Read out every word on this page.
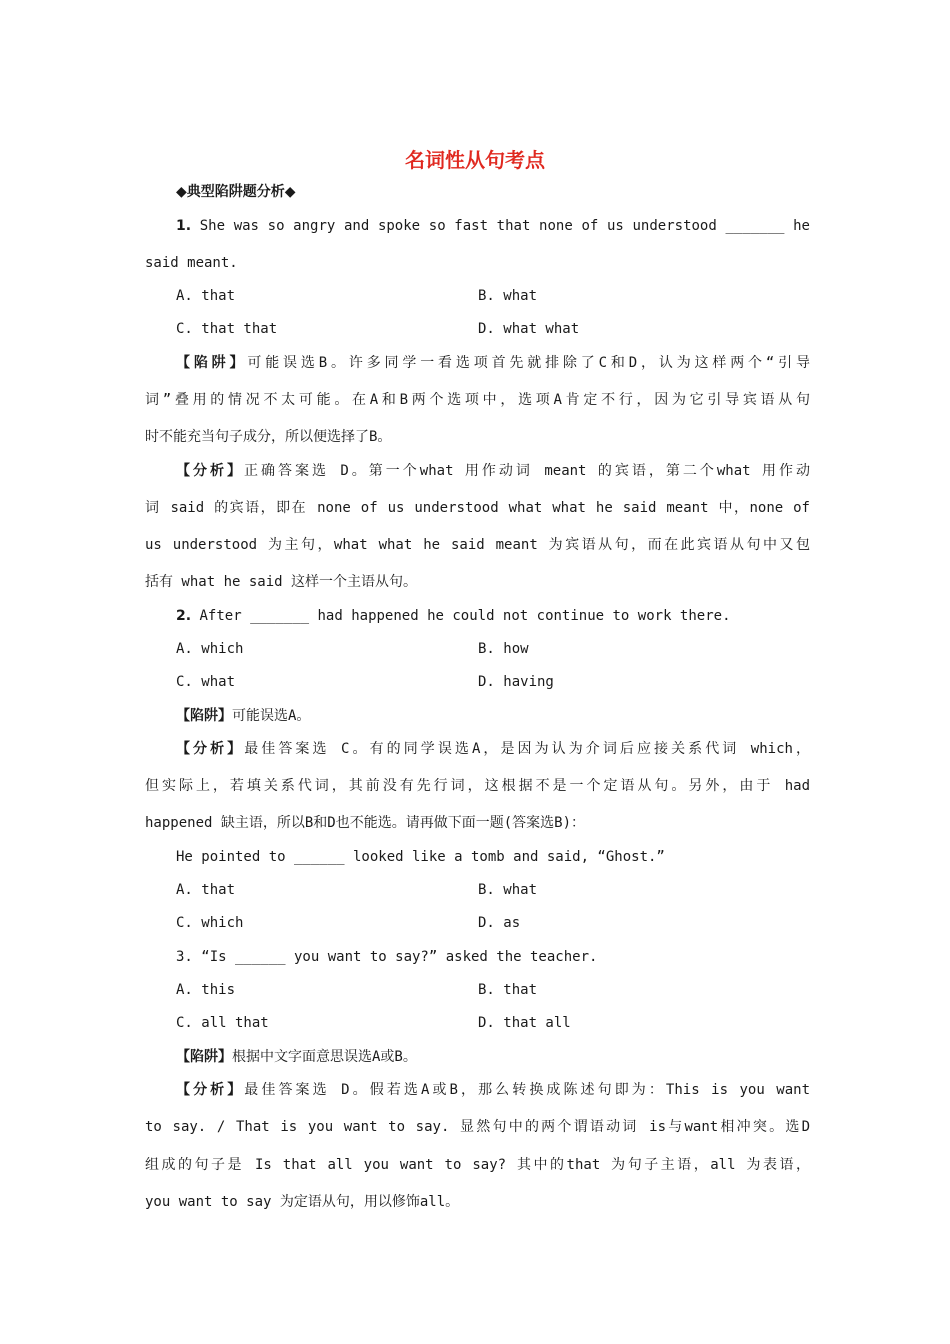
名词性从句考点
◆典型陷阱题分析◆
1. She was so angry and spoke so fast that none of us understood _______ he
said meant.
A. that	B. what
C. that that	D. what what
【陷阱】可能误选B。许多同学一看选项首先就排除了C和D，认为这样两个“引导
词”叠用的情况不太可能。在A和B两个选项中，选项A肯定不行，因为它引导宾语从句
时不能充当句子成分，所以便选择了B。
【分析】正确答案选 D。第一个what 用作动词 meant 的宾语，第二个what 用作动
词 said 的宾语，即在 none of us understood what what he said meant 中，none of
us understood 为主句，what what he said meant 为宾语从句，而在此宾语从句中又包
括有 what he said 这样一个主语从句。
2. After _______ had happened he could not continue to work there.
A. which	B. how
C. what	D. having
【陷阱】可能误选A。
【分析】最佳答案选 C。有的同学误选A，是因为认为介词后应接关系代词 which，
但实际上，若填关系代词，其前没有先行词，这根据不是一个定语从句。另外，由于 had
happened 缺主语，所以B和D也不能选。请再做下面一题(答案选B)：
He pointed to ______ looked like a tomb and said, “Ghost.”
A. that	B. what
C. which	D. as
3. “Is ______ you want to say?” asked the teacher.
A. this	B. that
C. all that	D. that all
【陷阱】根据中文字面意思误选A或B。
【分析】最佳答案选 D。假若选A或B，那么转换成陈述句即为：This is you want
to say. / That is you want to say. 显然句中的两个谓语动词 is与want相冲突。选D
组成的句子是 Is that all you want to say? 其中的that 为句子主语，all 为表语，
you want to say 为定语从句，用以修饰all。
